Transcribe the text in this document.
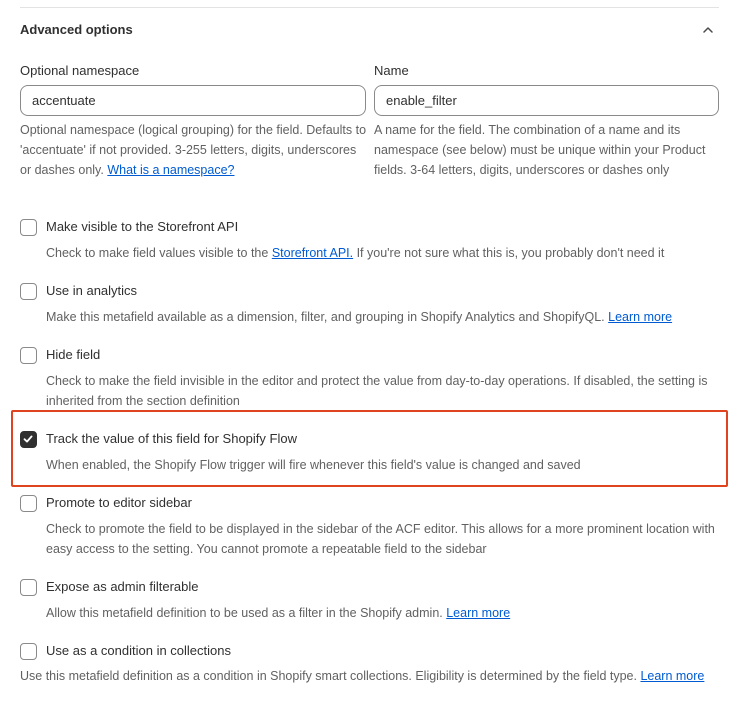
Advanced options
Optional namespace
accentuate
Optional namespace (logical grouping) for the field. Defaults to 'accentuate' if not provided. 3-255 letters, digits, underscores or dashes only. What is a namespace?
Name
enable_filter
A name for the field. The combination of a name and its namespace (see below) must be unique within your Product fields. 3-64 letters, digits, underscores or dashes only
Make visible to the Storefront API
Check to make field values visible to the Storefront API. If you're not sure what this is, you probably don't need it
Use in analytics
Make this metafield available as a dimension, filter, and grouping in Shopify Analytics and ShopifyQL. Learn more
Hide field
Check to make the field invisible in the editor and protect the value from day-to-day operations. If disabled, the setting is inherited from the section definition
Track the value of this field for Shopify Flow
When enabled, the Shopify Flow trigger will fire whenever this field's value is changed and saved
Promote to editor sidebar
Check to promote the field to be displayed in the sidebar of the ACF editor. This allows for a more prominent location with easy access to the setting. You cannot promote a repeatable field to the sidebar
Expose as admin filterable
Allow this metafield definition to be used as a filter in the Shopify admin. Learn more
Use as a condition in collections
Use this metafield definition as a condition in Shopify smart collections. Eligibility is determined by the field type. Learn more
